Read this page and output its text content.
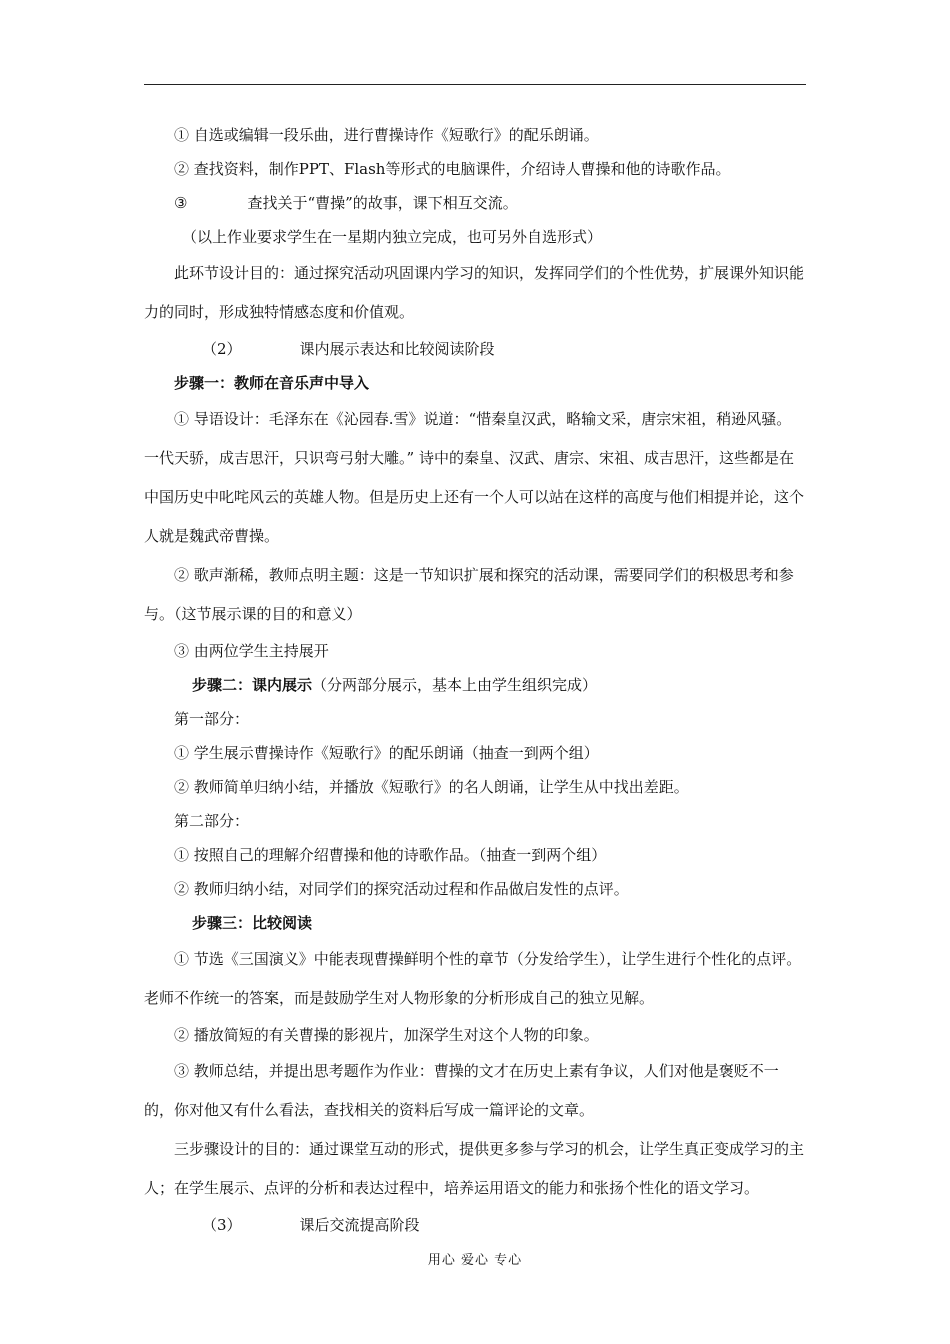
① 自选或编辑一段乐曲，进行曹操诗作《短歌行》的配乐朗诵。

② 查找资料，制作PPT、Flash等形式的电脑课件，介绍诗人曹操和他的诗歌作品。

③	查找关于“曹操”的故事，课下相互交流。

（以上作业要求学生在一星期内独立完成，也可另外自选形式）

此环节设计目的：通过探究活动巩固课内学习的知识，发挥同学们的个性优势，扩展课外知识能力的同时，形成独特情感态度和价值观。

（2）	课内展示表达和比较阅读阶段

步骤一：教师在音乐声中导入

① 导语设计：毛泽东在《沁园春.雪》说道：“惜秦皇汉武，略输文采，唐宗宋祖，稍逊风骚。一代天骄，成吉思汗，只识弯弓射大雕。” 诗中的秦皇、汉武、唐宗、宋祖、成吉思汗，这些都是在中国历史中叱咤风云的英雄人物。但是历史上还有一个人可以站在这样的高度与他们相提并论，这个人就是魏武帝曹操。

② 歌声渐稀，教师点明主题：这是一节知识扩展和探究的活动课，需要同学们的积极思考和参与。（这节展示课的目的和意义）

③ 由两位学生主持展开

步骤二：课内展示（分两部分展示，基本上由学生组织完成）

第一部分：

① 学生展示曹操诗作《短歌行》的配乐朗诵（抽查一到两个组）

② 教师简单归纳小结，并播放《短歌行》的名人朗诵，让学生从中找出差距。

第二部分：

① 按照自己的理解介绍曹操和他的诗歌作品。（抽查一到两个组）

② 教师归纳小结，对同学们的探究活动过程和作品做启发性的点评。

步骤三：比较阅读

① 节选《三国演义》中能表现曹操鲜明个性的章节（分发给学生），让学生进行个性化的点评。老师不作统一的答案，而是鼓励学生对人物形象的分析形成自己的独立见解。

② 播放简短的有关曹操的影视片，加深学生对这个人物的印象。

③ 教师总结，并提出思考题作为作业：曹操的文才在历史上素有争议，人们对他是褒贬不一的，你对他又有什么看法，查找相关的资料后写成一篇评论的文章。

三步骤设计的目的：通过课堂互动的形式，提供更多参与学习的机会，让学生真正变成学习的主人；在学生展示、点评的分析和表达过程中，培养运用语文的能力和张扬个性化的语文学习。

（3）	课后交流提高阶段

用心 爱心 专心
